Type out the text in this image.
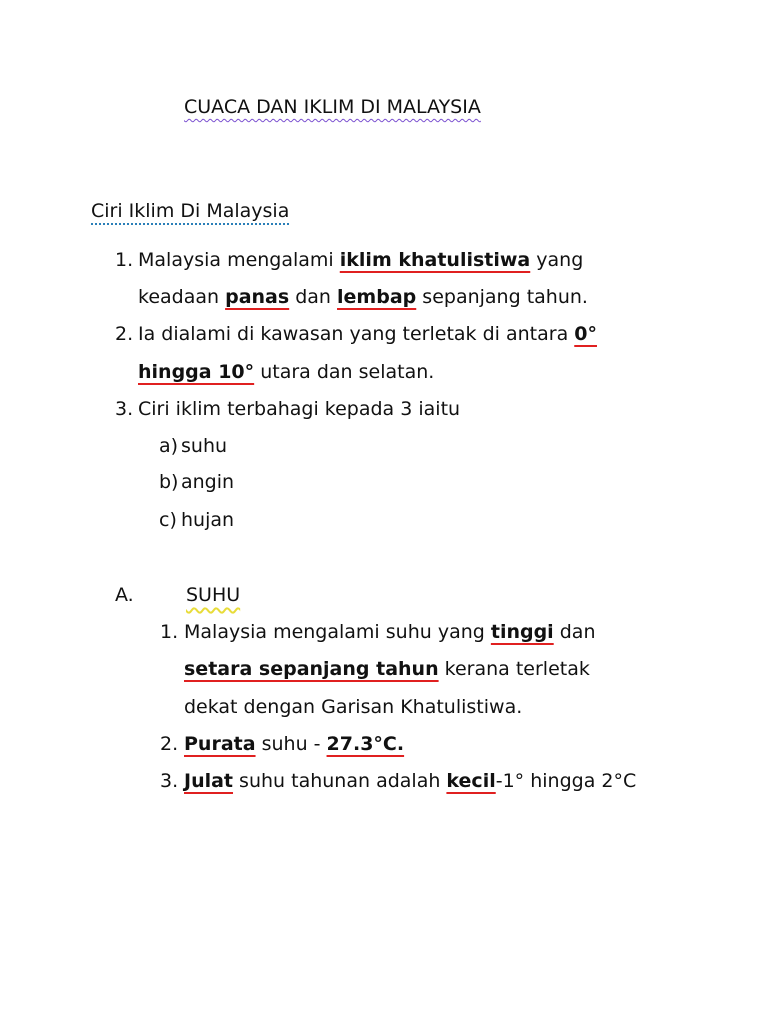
CUACA DAN IKLIM DI MALAYSIA
Ciri Iklim Di Malaysia
1. Malaysia mengalami iklim khatulistiwa yang
keadaan panas dan lembap sepanjang tahun.
2. Ia dialami di kawasan yang terletak di antara 0°
hingga 10° utara dan selatan.
3. Ciri iklim terbahagi kepada 3 iaitu
a) suhu
b) angin
c) hujan
A.	SUHU
1. Malaysia mengalami suhu yang tinggi dan
setara sepanjang tahun kerana terletak
dekat dengan Garisan Khatulistiwa.
2. Purata suhu - 27.3°C.
3. Julat suhu tahunan adalah kecil-1° hingga 2°C
